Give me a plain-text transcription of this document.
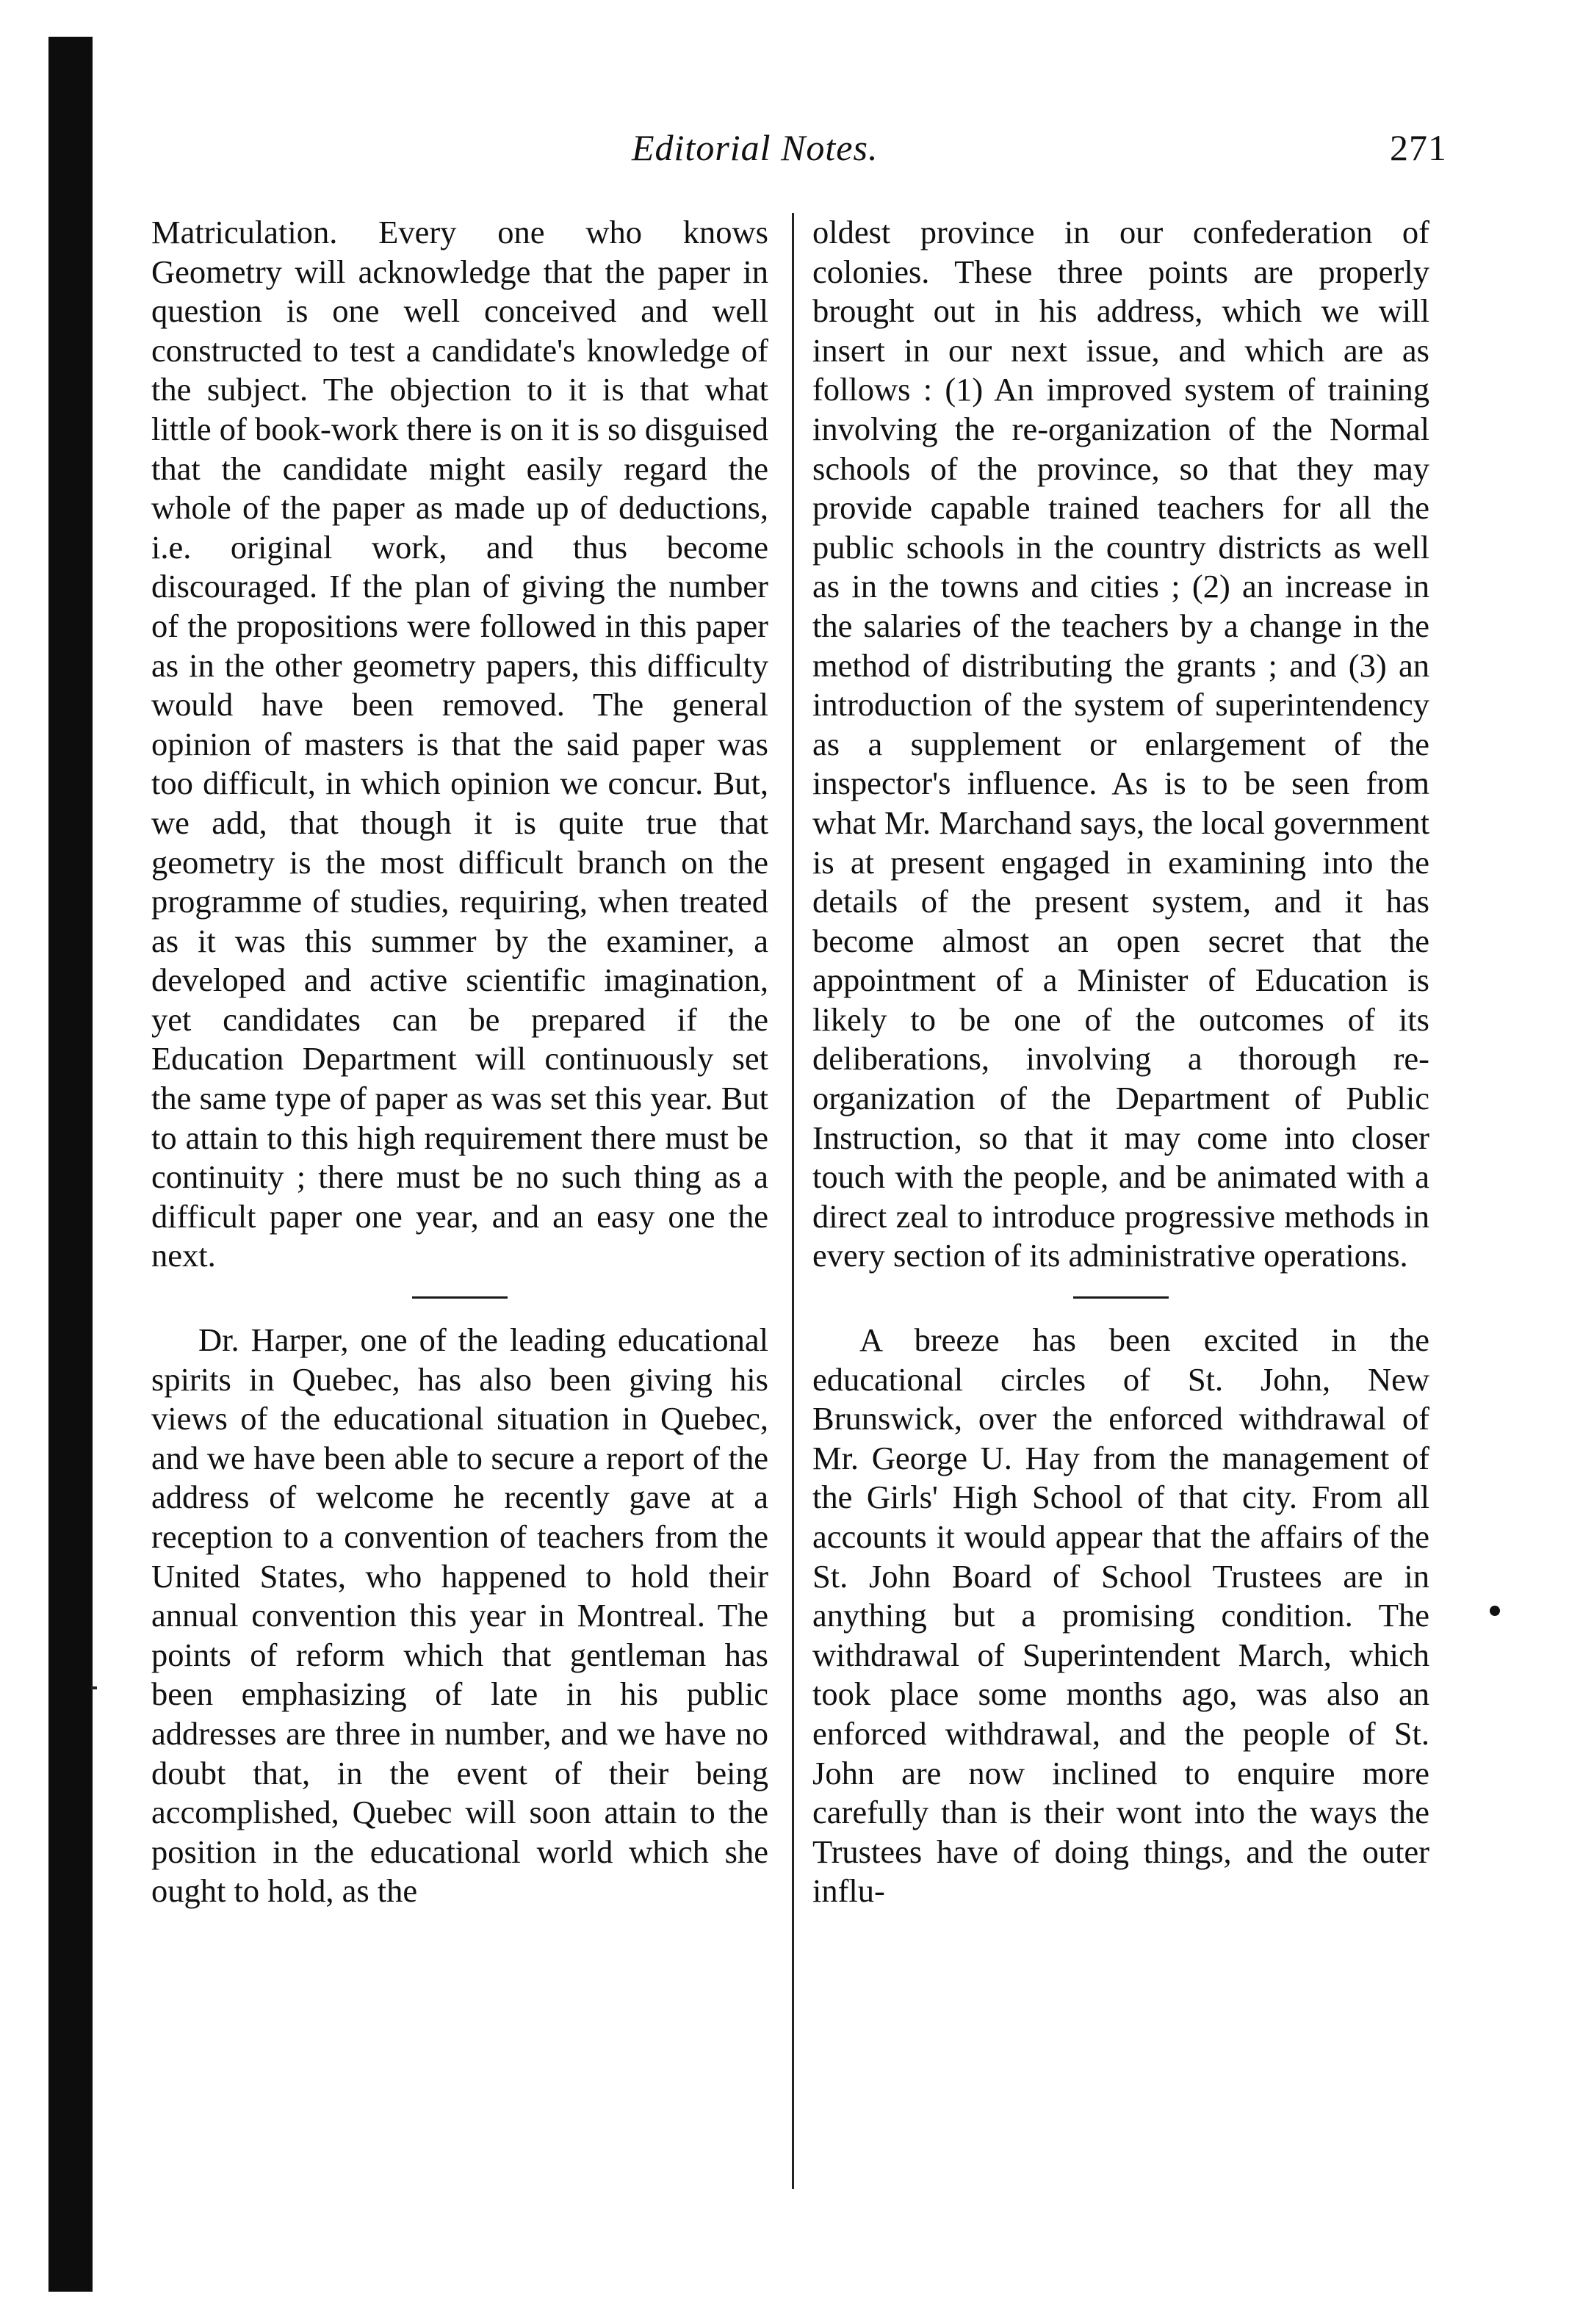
Editorial Notes.	271

Matriculation. Every one who knows Geometry will acknowledge that the paper in question is one well conceived and well constructed to test a candidate's knowledge of the subject. The objection to it is that what little of book-work there is on it is so disguised that the candidate might easily regard the whole of the paper as made up of deductions, i.e. original work, and thus become discouraged. If the plan of giving the number of the propositions were followed in this paper as in the other geometry papers, this difficulty would have been removed. The general opinion of masters is that the said paper was too difficult, in which opinion we concur. But, we add, that though it is quite true that geometry is the most difficult branch on the programme of studies, requiring, when treated as it was this summer by the examiner, a developed and active scientific imagination, yet candidates can be prepared if the Education Department will continuously set the same type of paper as was set this year. But to attain to this high requirement there must be continuity ; there must be no such thing as a difficult paper one year, and an easy one the next.

Dr. Harper, one of the leading educational spirits in Quebec, has also been giving his views of the educational situation in Quebec, and we have been able to secure a report of the address of welcome he recently gave at a reception to a convention of teachers from the United States, who happened to hold their annual convention this year in Montreal. The points of reform which that gentleman has been emphasizing of late in his public addresses are three in number, and we have no doubt that, in the event of their being accomplished, Quebec will soon attain to the position in the educational world which she ought to hold, as the

oldest province in our confederation of colonies. These three points are properly brought out in his address, which we will insert in our next issue, and which are as follows : (1) An improved system of training involving the re-organization of the Normal schools of the province, so that they may provide capable trained teachers for all the public schools in the country districts as well as in the towns and cities ; (2) an increase in the salaries of the teachers by a change in the method of distributing the grants ; and (3) an introduction of the system of superintendency as a supplement or enlargement of the inspector's influence. As is to be seen from what Mr. Marchand says, the local government is at present engaged in examining into the details of the present system, and it has become almost an open secret that the appointment of a Minister of Education is likely to be one of the outcomes of its deliberations, involving a thorough re-organization of the Department of Public Instruction, so that it may come into closer touch with the people, and be animated with a direct zeal to introduce progressive methods in every section of its administrative operations.

A breeze has been excited in the educational circles of St. John, New Brunswick, over the enforced withdrawal of Mr. George U. Hay from the management of the Girls' High School of that city. From all accounts it would appear that the affairs of the St. John Board of School Trustees are in anything but a promising condition. The withdrawal of Superintendent March, which took place some months ago, was also an enforced withdrawal, and the people of St. John are now inclined to enquire more carefully than is their wont into the ways the Trustees have of doing things, and the outer influ-
